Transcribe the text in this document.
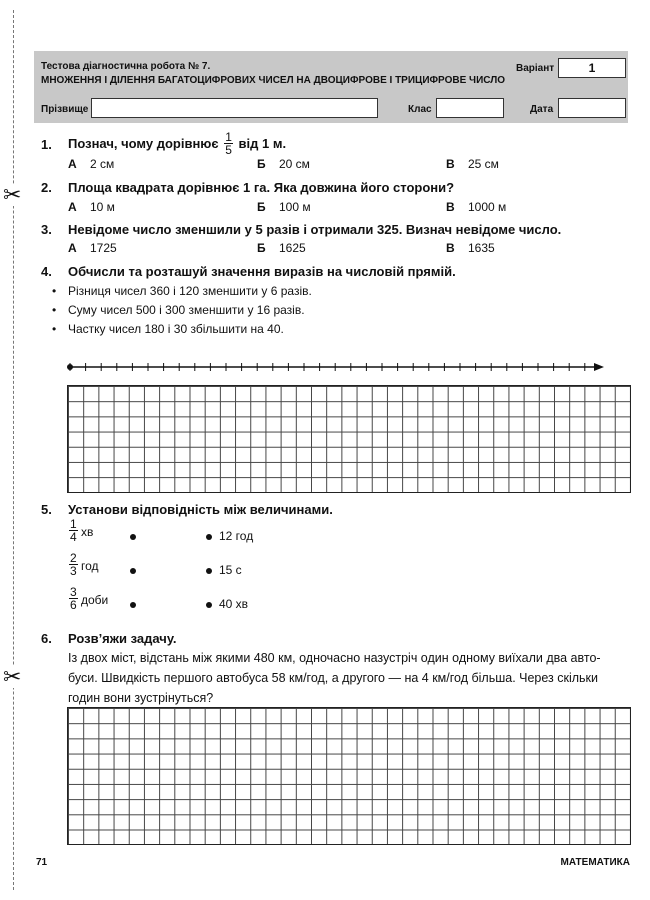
✂
✂
Тестова діагностична робота № 7.
МНОЖЕННЯ І ДІЛЕННЯ БАГАТОЦИФРОВИХ ЧИСЕЛ НА ДВОЦИФРОВЕ І ТРИЦИФРОВЕ ЧИСЛО
Варіант	1
Прізвище	Клас	Дата
1. Познач, чому дорівнює $\frac{1}{5}$ від 1 м.
А 2 см	Б 20 см	В 25 см
2. Площа квадрата дорівнює 1 га. Яка довжина його сторони?
А 10 м	Б 100 м	В 1000 м
3. Невідоме число зменшили у 5 разів і отримали 325. Визнач невідоме число.
А 1725	Б 1625	В 1635
4. Обчисли та розташуй значення виразів на числовій прямій.
• Різниця чисел 360 і 120 зменшити у 6 разів.
• Суму чисел 500 і 300 зменшити у 16 разів.
• Частку чисел 180 і 30 збільшити на 40.
5. Установи відповідність між величинами.
$\frac{1}{4}$ хв	12 год
$\frac{2}{3}$ год	15 с
$\frac{3}{6}$ доби	40 хв
6. Розв’яжи задачу.
Із двох міст, відстань між якими 480 км, одночасно назустріч один одному виїхали два авто-
буси. Швидкість першого автобуса 58 км/год, а другого — на 4 км/год більша. Через скільки
годин вони зустрінуться?
71	МАТЕМАТИКА
